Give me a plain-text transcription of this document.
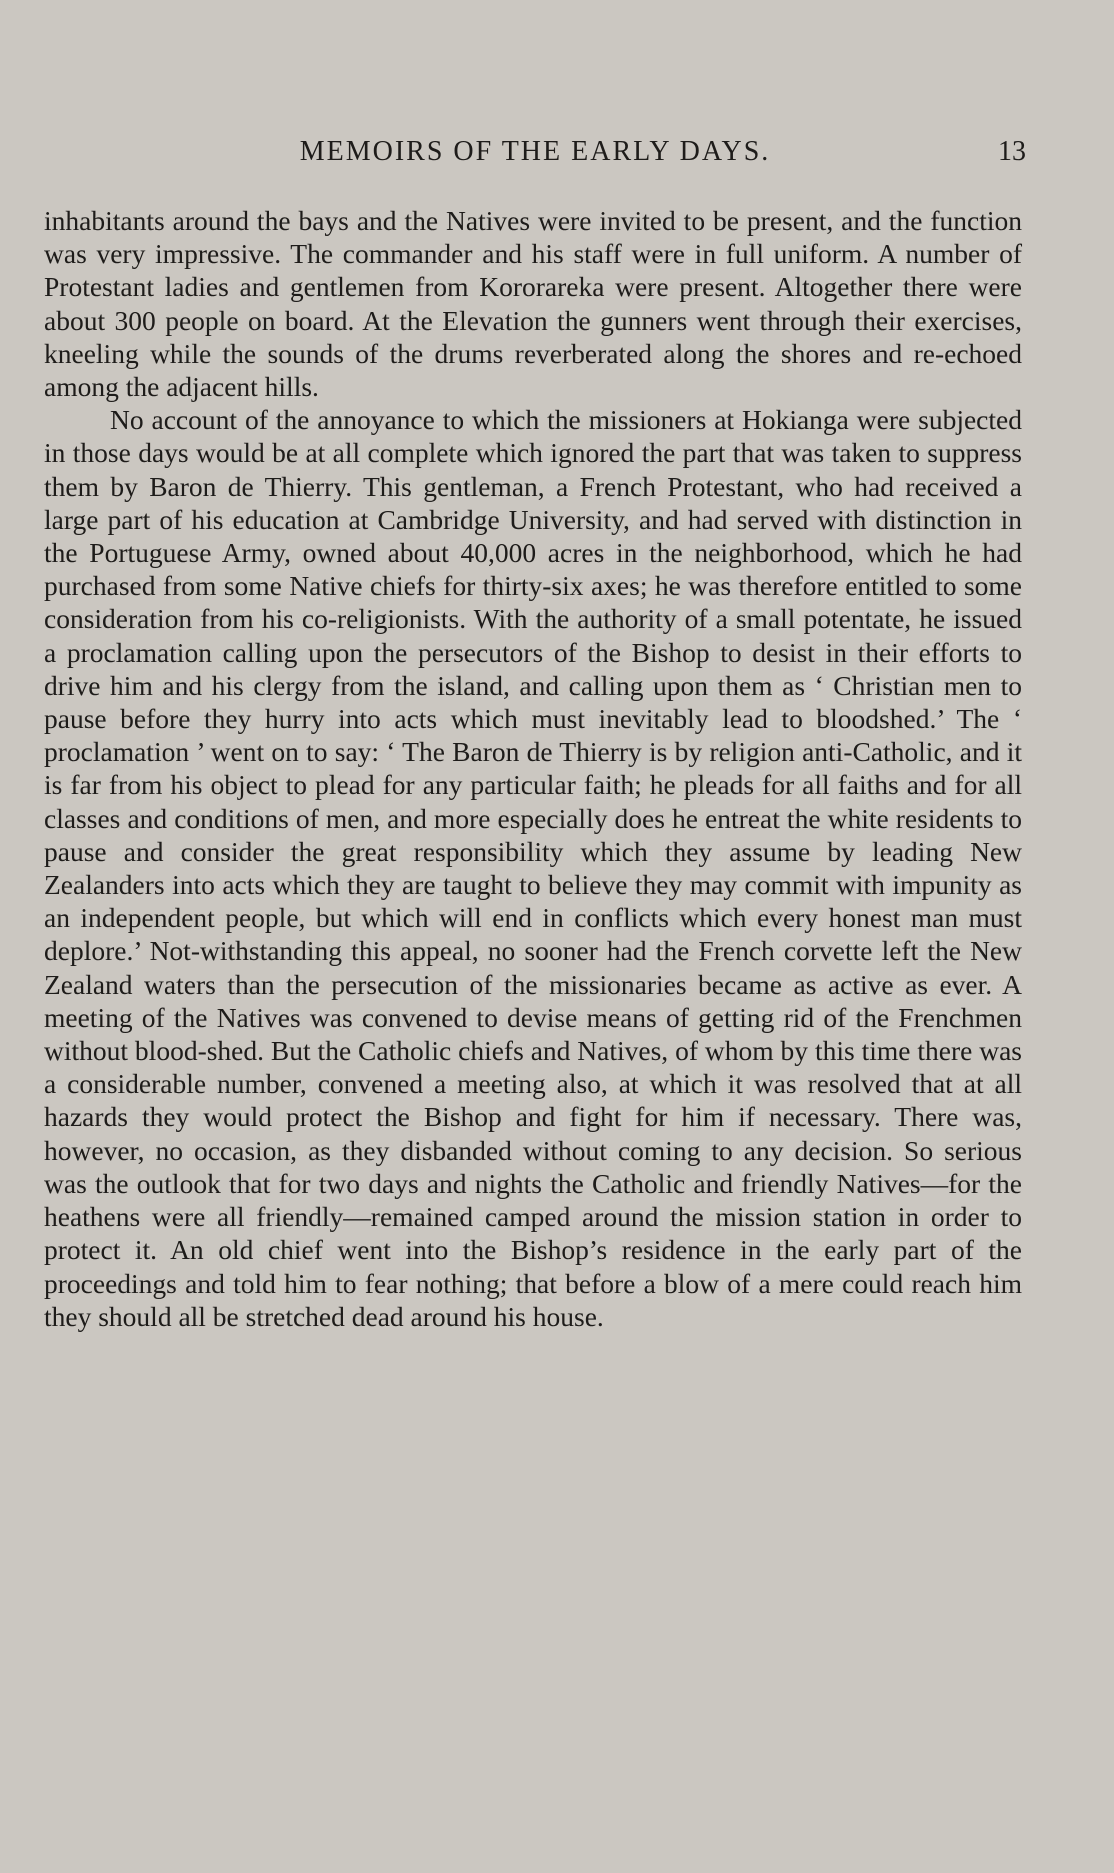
MEMOIRS OF THE EARLY DAYS.	13

inhabitants around the bays and the Natives were invited to be present, and the function was very impressive. The commander and his staff were in full uniform. A number of Protestant ladies and gentlemen from Kororareka were present. Altogether there were about 300 people on board. At the Elevation the gunners went through their exercises, kneeling while the sounds of the drums reverberated along the shores and re-echoed among the adjacent hills.

No account of the annoyance to which the missioners at Hokianga were subjected in those days would be at all complete which ignored the part that was taken to suppress them by Baron de Thierry. This gentleman, a French Protestant, who had received a large part of his education at Cambridge University, and had served with distinction in the Portuguese Army, owned about 40,000 acres in the neighborhood, which he had purchased from some Native chiefs for thirty-six axes; he was therefore entitled to some consideration from his co-religionists. With the authority of a small potentate, he issued a proclamation calling upon the persecutors of the Bishop to desist in their efforts to drive him and his clergy from the island, and calling upon them as ‘ Christian men to pause before they hurry into acts which must inevitably lead to bloodshed.’ The ‘ proclamation ’ went on to say: ‘ The Baron de Thierry is by religion anti-Catholic, and it is far from his object to plead for any particular faith; he pleads for all faiths and for all classes and conditions of men, and more especially does he entreat the white residents to pause and consider the great responsibility which they assume by leading New Zealanders into acts which they are taught to believe they may commit with impunity as an independent people, but which will end in conflicts which every honest man must deplore.’ Not-withstanding this appeal, no sooner had the French corvette left the New Zealand waters than the persecution of the missionaries became as active as ever. A meeting of the Natives was convened to devise means of getting rid of the Frenchmen without blood-shed. But the Catholic chiefs and Natives, of whom by this time there was a considerable number, convened a meeting also, at which it was resolved that at all hazards they would protect the Bishop and fight for him if necessary. There was, however, no occasion, as they disbanded without coming to any decision. So serious was the outlook that for two days and nights the Catholic and friendly Natives—for the heathens were all friendly—remained camped around the mission station in order to protect it. An old chief went into the Bishop’s residence in the early part of the proceedings and told him to fear nothing; that before a blow of a mere could reach him they should all be stretched dead around his house.
